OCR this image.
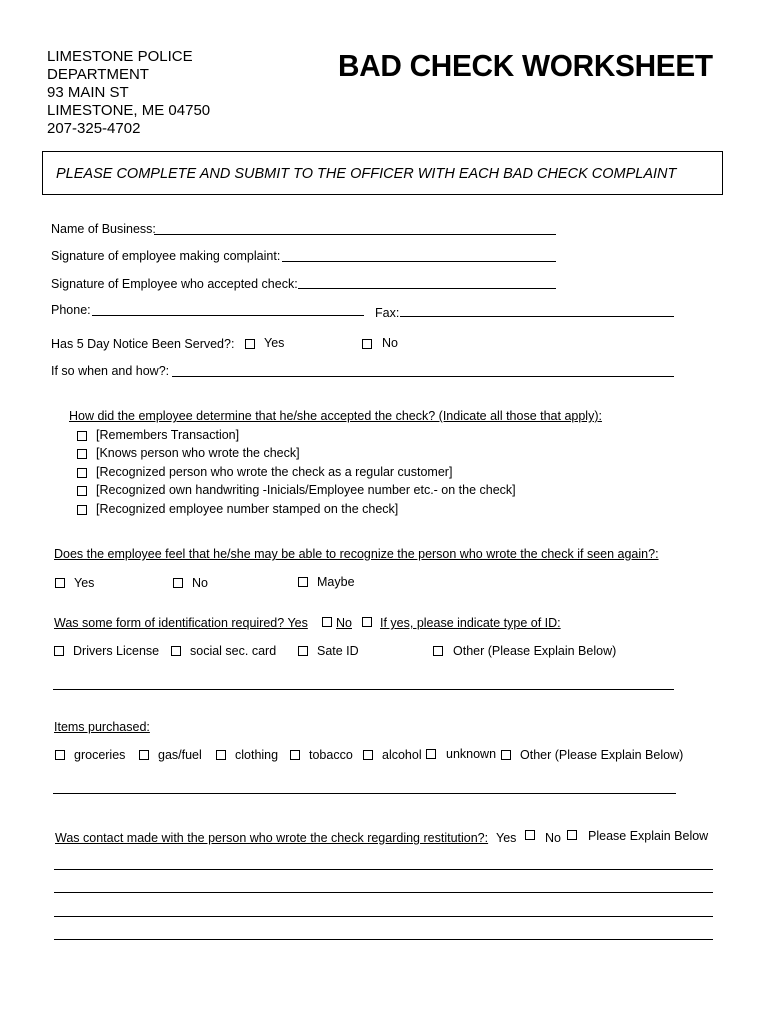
LIMESTONE POLICE
DEPARTMENT
93 MAIN ST
LIMESTONE, ME 04750
207-325-4702
BAD CHECK WORKSHEET
PLEASE COMPLETE AND SUBMIT TO THE OFFICER WITH EACH BAD CHECK COMPLAINT
Name of Business:
Signature of employee making complaint:
Signature of Employee who accepted check:
Phone:	Fax:
Has 5 Day Notice Been Served?: Yes	No
If so when and how?:
How did the employee determine that he/she accepted the check? (Indicate all those that apply):
[Remembers Transaction]
[Knows person who wrote the check]
[Recognized person who wrote the check as a regular customer]
[Recognized own handwriting -Inicials/Employee number etc.- on the check]
[Recognized employee number stamped on the check]
Does the employee feel that he/she may be able to recognize the person who wrote the check if seen again?:
Yes	No	Maybe
Was some form of identification required? Yes No If yes, please indicate type of ID:
Drivers License social sec. card	Sate ID	Other (Please Explain Below)
Items purchased:
groceries	gas/fuel	clothing tobacco alcohol unknown Other (Please Explain Below)
Was contact made with the person who wrote the check regarding restitution?: Yes No Please Explain Below
